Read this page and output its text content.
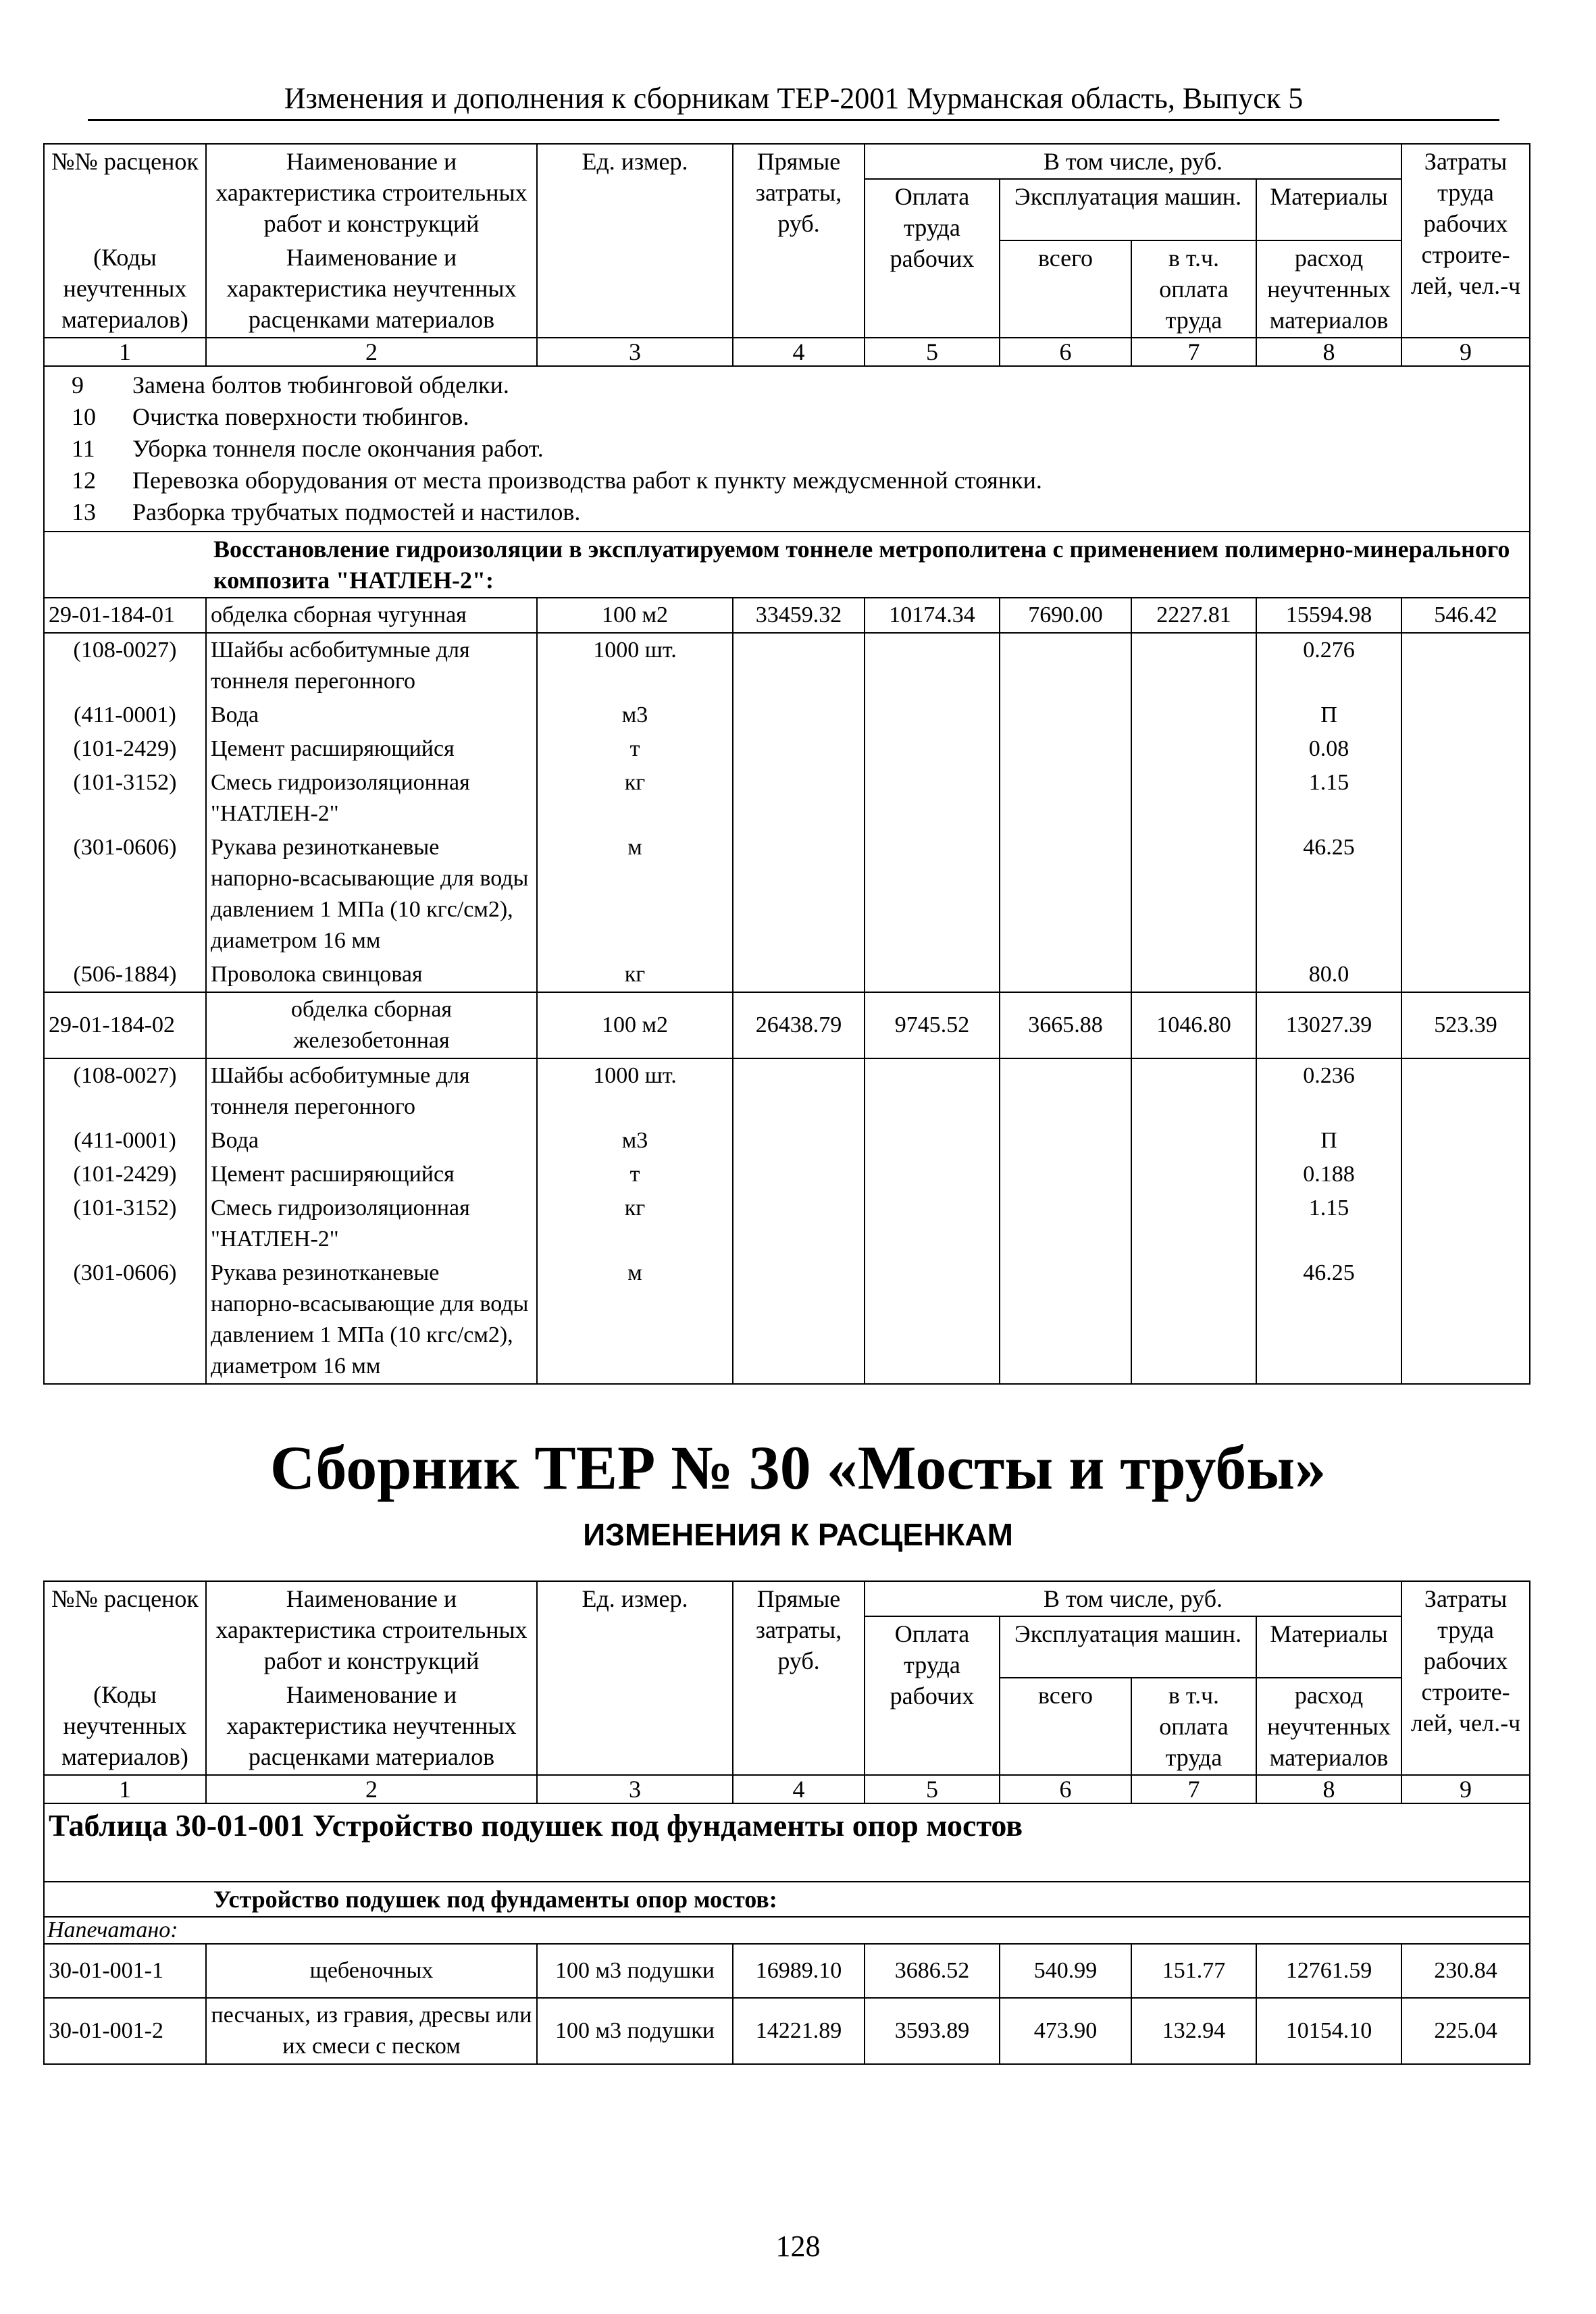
Изменения и дополнения к сборникам ТЕР-2001 Мурманская область, Выпуск 5
№№ расценок	Наименование и характеристика строительных работ и конструкций	Ед. измер.	Прямые затраты, руб.	В том числе, руб.				Затраты труда рабочих строите-лей, чел.-ч
				Оплата труда рабочих	Эксплуатация машин.		Материалы	
(Коды неучтенных материалов)	Наименование и характеристика неучтенных расценками материалов				всего	в т.ч. оплата труда	расход неучтенных материалов	

1	2	3	4	5	6	7	8	9

9 Замена болтов тюбинговой обделки.
10 Очистка поверхности тюбингов.
11 Уборка тоннеля после окончания работ.
12 Перевозка оборудования от места производства работ к пункту междусменной стоянки.
13 Разборка трубчатых подмостей и настилов.								

Восстановление гидроизоляции в эксплуатируемом тоннеле метрополитена с применением полимерно-минерального композита "НАТЛЕН-2":								
29-01-184-01	обделка сборная чугунная	100 м2	33459.32	10174.34	7690.00	2227.81	15594.98	546.42
(108-0027)	Шайбы асбобитумные для тоннеля перегонного	1000 шт.					0.276	
(411-0001)	Вода	м3					П	
(101-2429)	Цемент расширяющийся	т					0.08	
(101-3152)	Смесь гидроизоляционная "НАТЛЕН-2"	кг					1.15	
(301-0606)	Рукава резинотканевые напорно-всасывающие для воды давлением 1 МПа (10 кгс/см2), диаметром 16 мм	м					46.25	
(506-1884)	Проволока свинцовая	кг					80.0	
29-01-184-02	обделка сборная железобетонная	100 м2	26438.79	9745.52	3665.88	1046.80	13027.39	523.39
(108-0027)	Шайбы асбобитумные для тоннеля перегонного	1000 шт.					0.236	
(411-0001)	Вода	м3					П	
(101-2429)	Цемент расширяющийся	т					0.188	
(101-3152)	Смесь гидроизоляционная "НАТЛЕН-2"	кг					1.15	
(301-0606)	Рукава резинотканевые напорно-всасывающие для воды давлением 1 МПа (10 кгс/см2), диаметром 16 мм	м					46.25	
Сборник ТЕР № 30 «Мосты и трубы»
ИЗМЕНЕНИЯ К РАСЦЕНКАМ
№№ расценок	Наименование и характеристика строительных работ и конструкций	Ед. измер.	Прямые затраты, руб.	В том числе, руб.				Затраты труда рабочих строите-лей, чел.-ч
				Оплата труда рабочих	Эксплуатация машин.		Материалы	
(Коды неучтенных материалов)	Наименование и характеристика неучтенных расценками материалов				всего	в т.ч. оплата труда	расход неучтенных материалов	

1	2	3	4	5	6	7	8	9
Таблица 30-01-001 Устройство подушек под фундаменты опор мостов								
Устройство подушек под фундаменты опор мостов:								
Напечатано:								
30-01-001-1	щебеночных	100 м3 подушки	16989.10	3686.52	540.99	151.77	12761.59	230.84
30-01-001-2	песчаных, из гравия, дресвы или их смеси с песком	100 м3 подушки	14221.89	3593.89	473.90	132.94	10154.10	225.04
128
